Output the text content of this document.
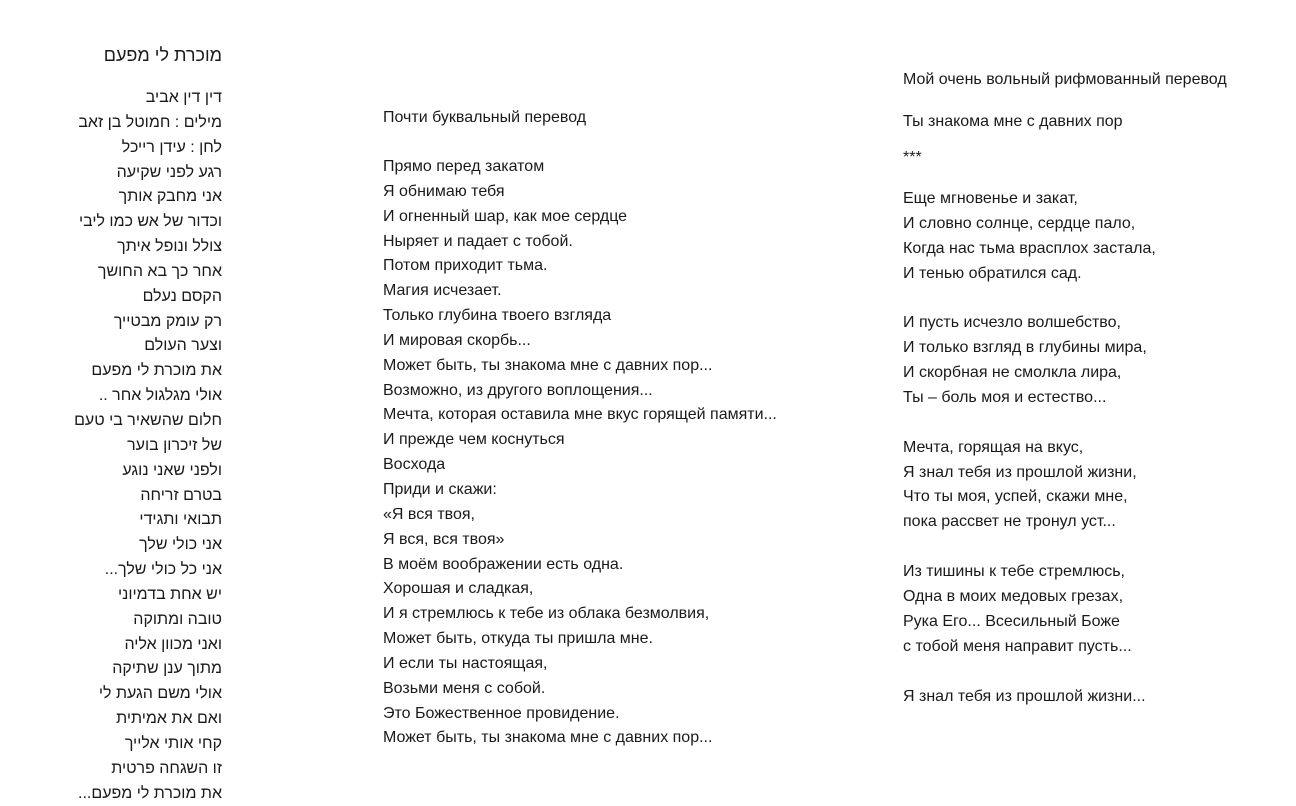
מוכרת לי מפעם
דין דין אביב
מילים : חמוטל בן זאב
לחן : עידן רייכל
רגע לפני שקיעה
אני מחבק אותך
וכדור של אש כמו ליבי
צולל ונופל איתך
אחר כך בא החושך
הקסם נעלם
רק עומק מבטייך
וצער העולם
את מוכרת לי מפעם
אולי מגלגול אחר ..
חלום שהשאיר בי טעם
של זיכרון בוער
ולפני שאני נוגע
בטרם זריחה
תבואי ותגידי
אני כולי שלך
אני כל כולי שלך...
יש אחת בדמיוני
טובה ומתוקה
ואני מכוון אליה
מתוך ענן שתיקה
אולי משם הגעת לי
ואם את אמיתית
קחי אותי אלייך
זו השגחה פרטית
את מוכרת לי מפעם...
Почти буквальный перевод
Прямо перед закатом
Я обнимаю тебя
И огненный шар, как мое сердце
Ныряет и падает с тобой.
Потом приходит тьма.
Магия исчезает.
Только глубина твоего взгляда
И мировая скорбь...
Может быть, ты знакома мне с давних пор...
Возможно, из другого воплощения...
Мечта, которая оставила мне вкус горящей памяти...
И прежде чем коснуться
Восхода
Приди и скажи:
«Я вся твоя,
Я вся, вся твоя»
В моём воображении есть одна.
Хорошая и сладкая,
И я стремлюсь к тебе из облака безмолвия,
Может быть, откуда ты пришла мне.
И если ты настоящая,
Возьми меня с собой.
Это Божественное провидение.
Может быть, ты знакома мне с давних пор...
Мой очень вольный рифмованный перевод
Ты знакома мне с давних пор
***
Еще мгновенье и закат,
И словно солнце, сердце пало,
Когда нас тьма врасплох застала,
И тенью обратился сад.
И пусть исчезло волшебство,
И только взгляд в глубины мира,
И скорбная не смолкла лира,
Ты – боль моя и естество...
Мечта, горящая на вкус,
Я знал тебя из прошлой жизни,
Что ты моя, успей, скажи мне,
пока рассвет не тронул уст...
Из тишины к тебе стремлюсь,
Одна в моих медовых грезах,
Рука Его... Всесильный Боже
с тобой меня направит пусть...
Я знал тебя из прошлой жизни...
